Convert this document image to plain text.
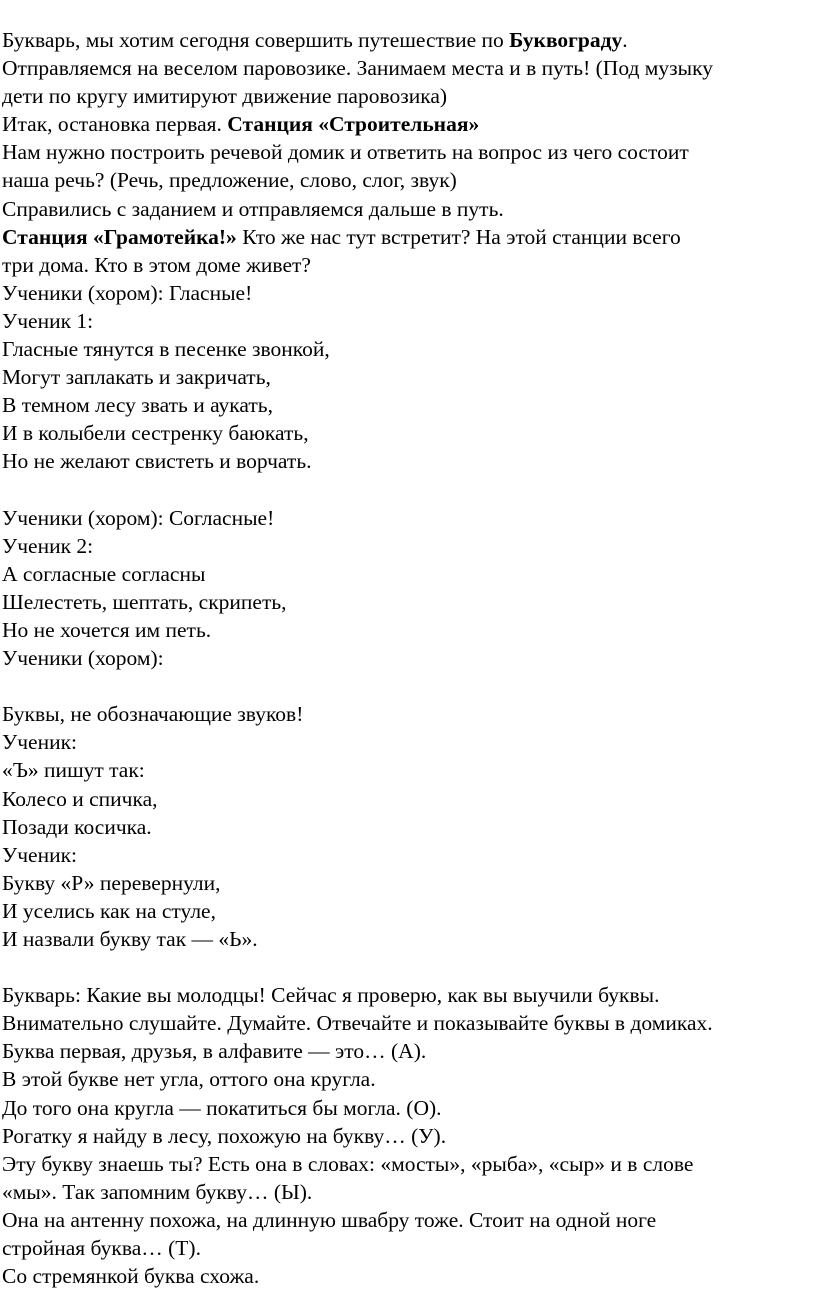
Букварь, мы хотим сегодня совершить путешествие по Буквограду.

Отправляемся на веселом паровозике. Занимаем места и в путь! (Под музыку

дети по кругу имитируют движение паровозика)

Итак, остановка первая. Станция «Строительная»

Нам нужно построить речевой домик и ответить на вопрос из чего состоит

наша речь? (Речь, предложение, слово, слог, звук)

Справились с заданием и отправляемся дальше в путь.

Станция «Грамотейка!» Кто же нас тут встретит? На этой станции всего

три дома. Кто в этом доме живет?

Ученики (хором): Гласные!

Ученик 1:

Гласные тянутся в песенке звонкой,

Могут заплакать и закричать,

В темном лесу звать и аукать,

И в колыбели сестренку баюкать,

Но не желают свистеть и ворчать.

Ученики (хором): Согласные!

Ученик 2:

А согласные согласны

Шелестеть, шептать, скрипеть,

Но не хочется им петь.

Ученики (хором):

Буквы, не обозначающие звуков!

Ученик:

«Ъ» пишут так:

Колесо и спичка,

Позади косичка.

Ученик:

Букву «Р» перевернули,

И уселись как на стуле,

И назвали букву так — «Ь».

Букварь: Какие вы молодцы! Сейчас я проверю, как вы выучили буквы.

Внимательно слушайте. Думайте. Отвечайте и показывайте буквы в домиках.

Буква первая, друзья, в алфавите — это… (А).

В этой букве нет угла, оттого она кругла.

До того она кругла — покатиться бы могла. (О).

Рогатку я найду в лесу, похожую на букву… (У).

Эту букву знаешь ты? Есть она в словах: «мосты», «рыба», «сыр» и в слове

«мы». Так запомним букву… (Ы).

Она на антенну похожа, на длинную швабру тоже. Стоит на одной ноге

стройная буква… (Т).

Со стремянкой буква схожа.
